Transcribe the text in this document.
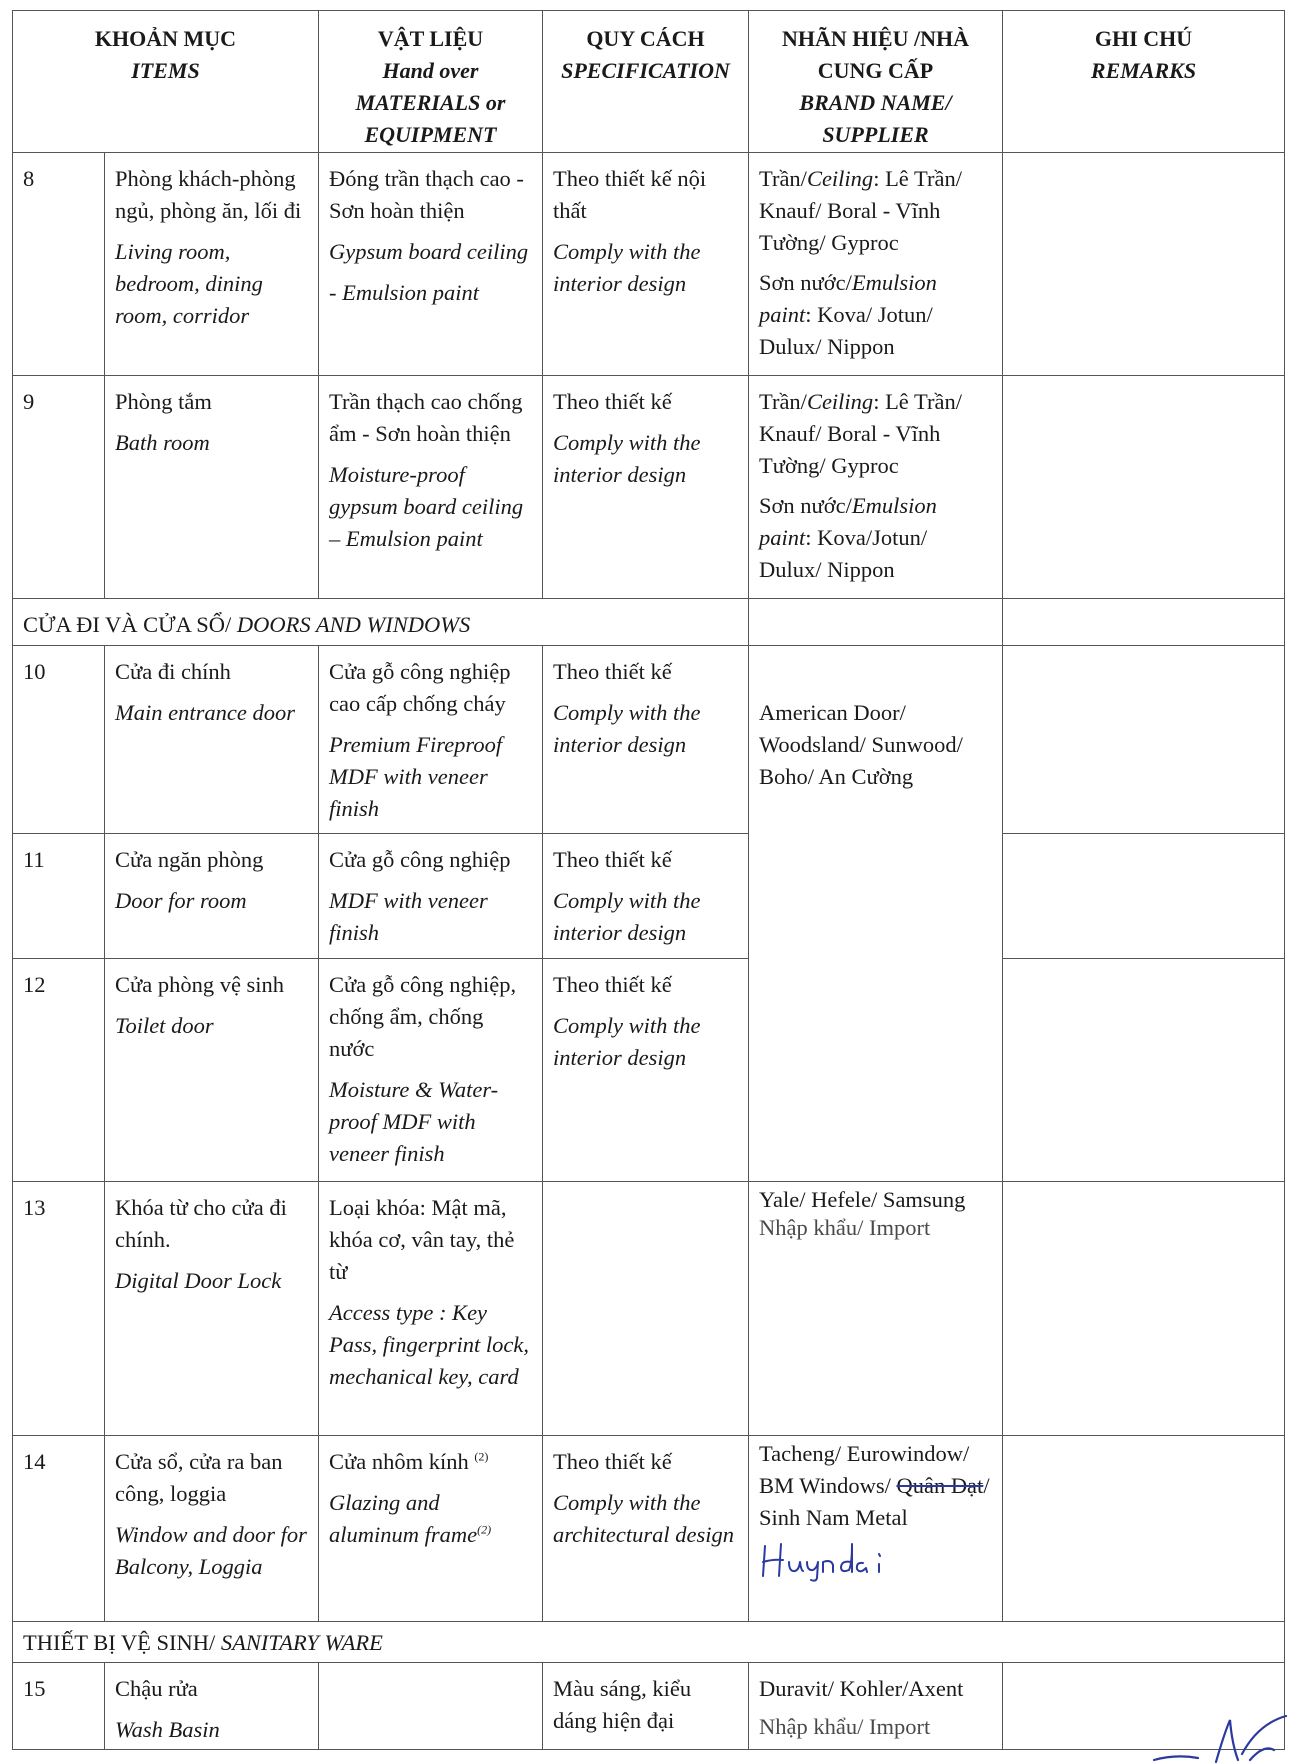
KHOẢN MỤC
ITEMS		VẬT LIỆU
Hand over
MATERIALS or
EQUIPMENT	QUY CÁCH
SPECIFICATION	NHÃN HIỆU /NHÀ
CUNG CẤP
BRAND NAME/
SUPPLIER	GHI CHÚ
REMARKS

8	Phòng khách-phòng ngủ, phòng ăn, lối đi
Living room, bedroom, dining room, corridor	Đóng trần thạch cao - Sơn hoàn thiện
Gypsum board ceiling
- Emulsion paint	Theo thiết kế nội thất
Comply with the interior design	Trần/Ceiling: Lê Trần/ Knauf/ Boral - Vĩnh Tường/ Gyproc
Sơn nước/Emulsion paint: Kova/ Jotun/ Dulux/ Nippon	

9	Phòng tắm
Bath room	Trần thạch cao chống ẩm - Sơn hoàn thiện
Moisture-proof gypsum board ceiling – Emulsion paint	Theo thiết kế
Comply with the interior design	Trần/Ceiling: Lê Trần/ Knauf/ Boral - Vĩnh Tường/ Gyproc
Sơn nước/Emulsion paint: Kova/Jotun/ Dulux/ Nippon	

CỬA ĐI VÀ CỬA SỔ/ DOORS AND WINDOWS					
10	Cửa đi chính
Main entrance door	Cửa gỗ công nghiệp cao cấp chống cháy
Premium Fireproof MDF with veneer finish	Theo thiết kế
Comply with the interior design	American Door/ Woodsland/ Sunwood/ Boho/ An Cường	

11	Cửa ngăn phòng
Door for room	Cửa gỗ công nghiệp
MDF with veneer finish	Theo thiết kế
Comply with the interior design		

12	Cửa phòng vệ sinh
Toilet door	Cửa gỗ công nghiệp, chống ẩm, chống nước
Moisture & Water-proof MDF with veneer finish	Theo thiết kế
Comply with the interior design		

13	Khóa từ cho cửa đi chính.
Digital Door Lock	Loại khóa: Mật mã, khóa cơ, vân tay, thẻ từ
Access type : Key Pass, fingerprint lock, mechanical key, card		Yale/ Hefele/ Samsung
Nhập khẩu/ Import	

14	Cửa sổ, cửa ra ban công, loggia
Window and door for Balcony, Loggia	Cửa nhôm kính $^{(2)}$
Glazing and aluminum frame$^{(2)}$	Theo thiết kế
Comply with the architectural design	Tacheng/ Eurowindow/ BM Windows/ Quân Đạt/ Sinh Nam Metal	

THIẾT BỊ VỆ SINH/ SANITARY WARE					
15	Chậu rửa
Wash Basin		Màu sáng, kiểu dáng hiện đại	Duravit/ Kohler/Axent
Nhập khẩu/ Import	
